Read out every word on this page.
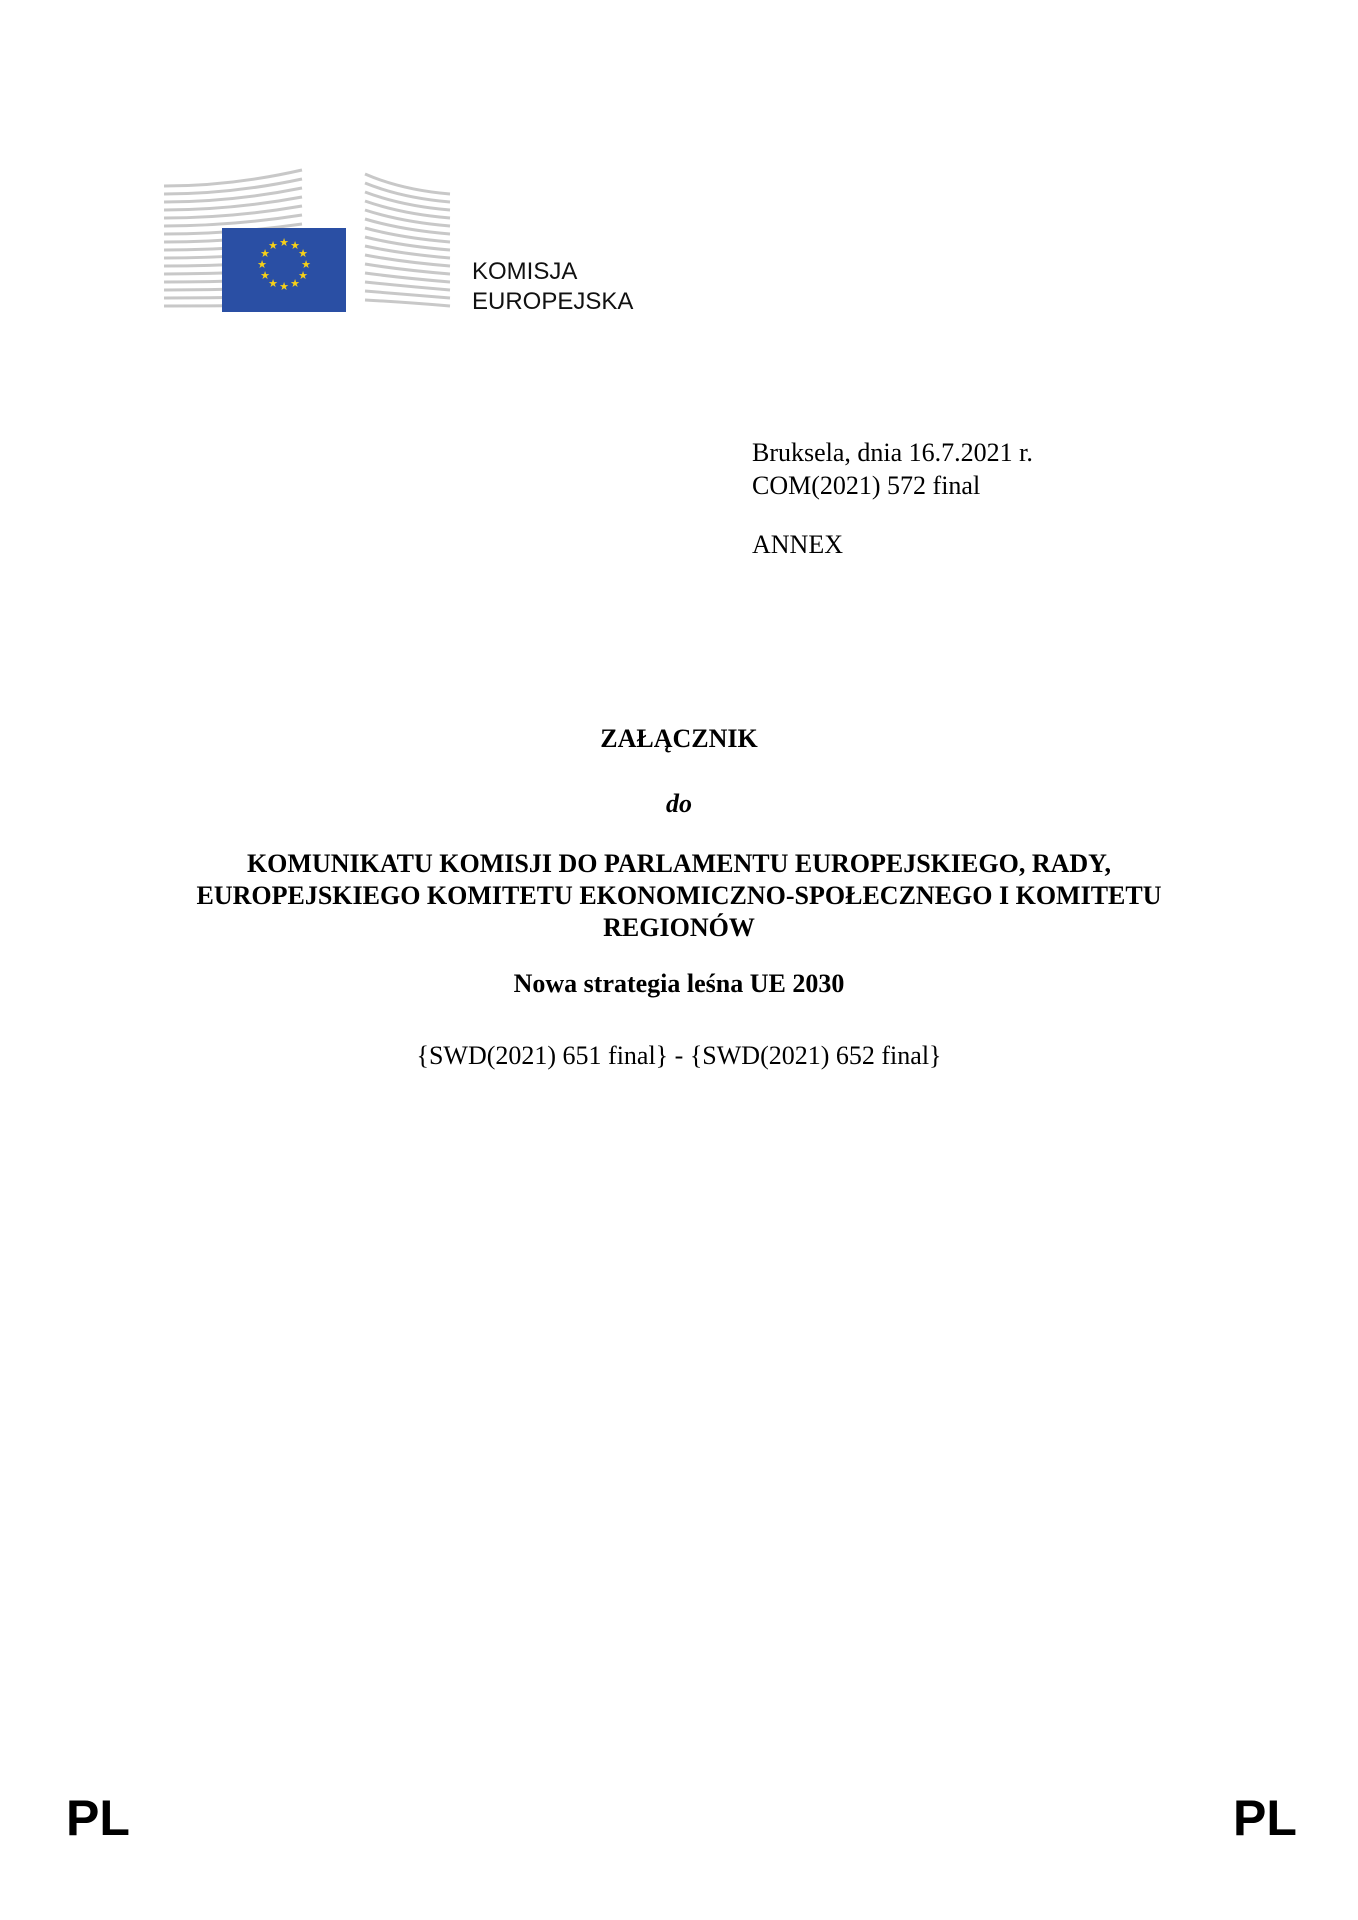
★ ★
★
★
★
★
★
★
★
★
★
★
KOMISJA
EUROPEJSKA
Bruksela, dnia 16.7.2021 r.
COM(2021) 572 final
ANNEX
ZAŁĄCZNIK
do
KOMUNIKATU KOMISJI DO PARLAMENTU EUROPEJSKIEGO, RADY,
EUROPEJSKIEGO KOMITETU EKONOMICZNO-SPOŁECZNEGO I KOMITETU
REGIONÓW
Nowa strategia leśna UE 2030
{SWD(2021) 651 final} - {SWD(2021) 652 final}
PL	PL
